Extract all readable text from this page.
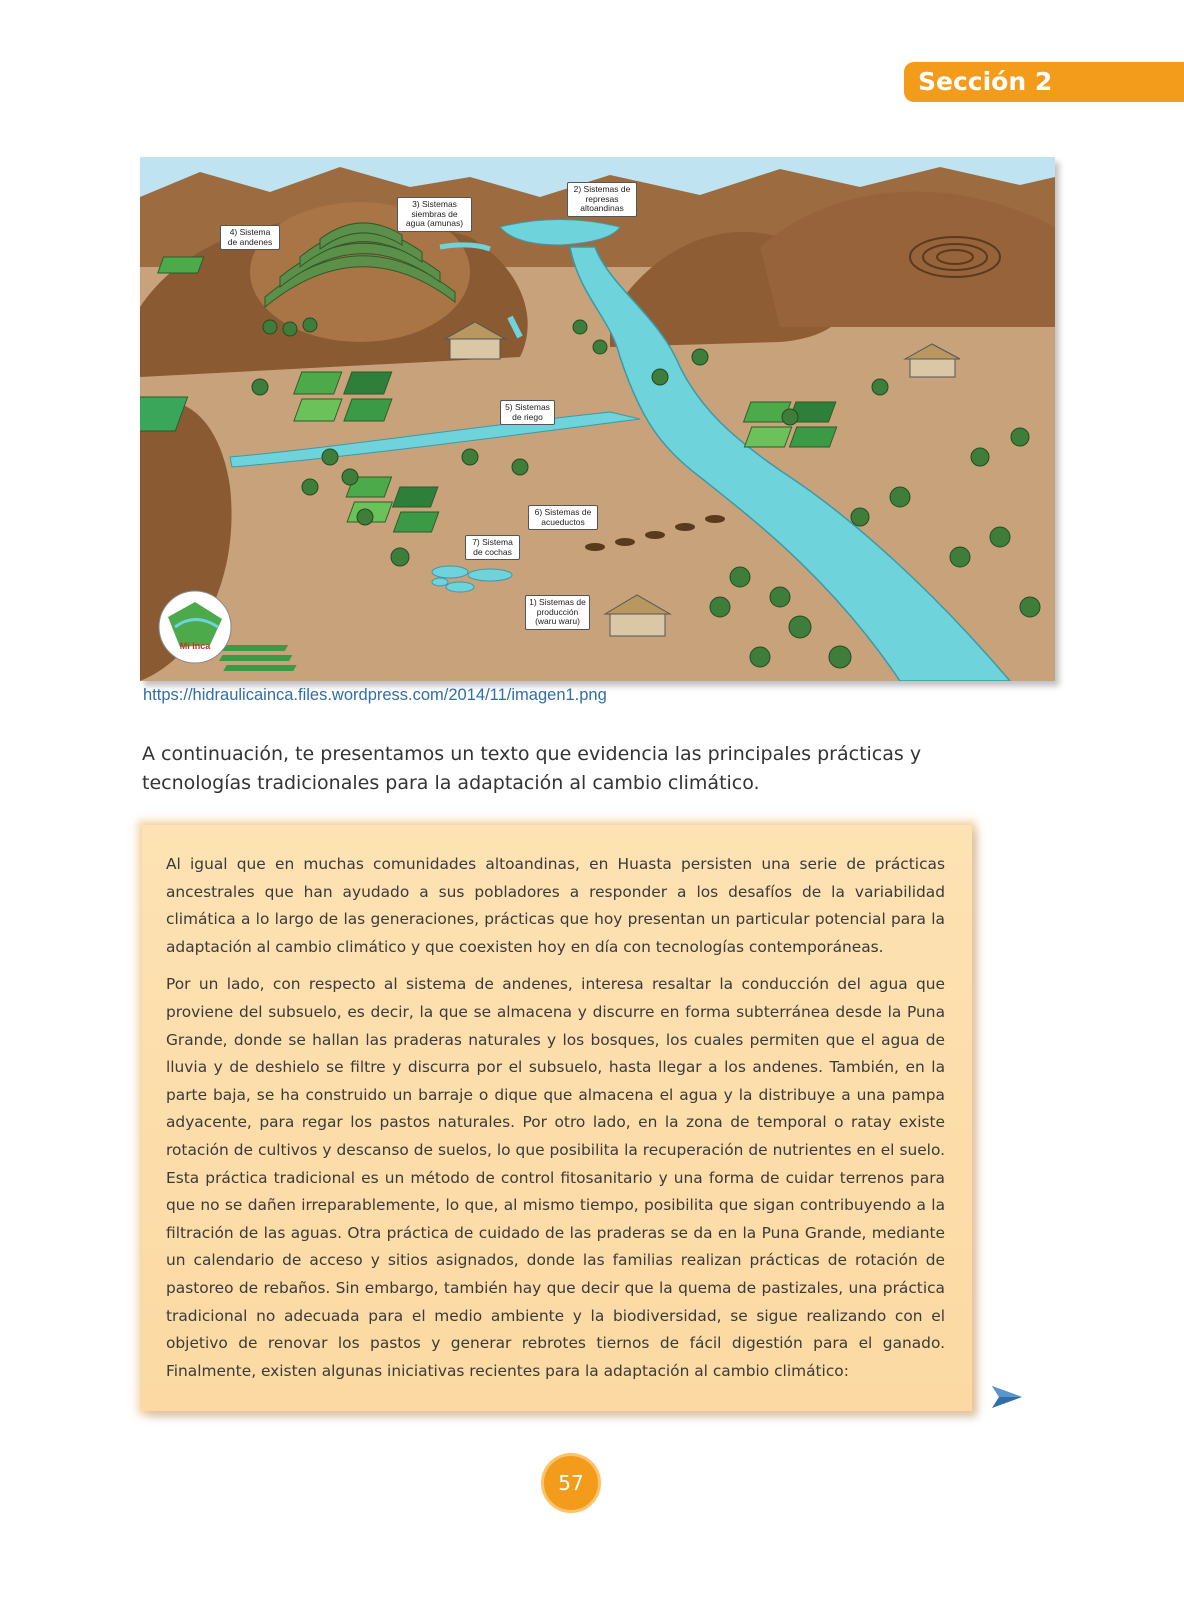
Sección 2
4) Sistema de andenes
3) Sistemas siembras de agua (amunas)
2) Sistemas de represas altoandinas
5) Sistemas de riego
6) Sistemas de acueductos
7) Sistema de cochas
1) Sistemas de producción (waru waru)
Mi Inca
https://hidraulicainca.files.wordpress.com/2014/11/imagen1.png

A continuación, te presentamos un texto que evidencia las principales prácticas y tecnologías tradicionales para la adaptación al cambio climático.

Al igual que en muchas comunidades altoandinas, en Huasta persisten una serie de prácticas ancestrales que han ayudado a sus pobladores a responder a los desafíos de la variabilidad climática a lo largo de las generaciones, prácticas que hoy presentan un particular potencial para la adaptación al cambio climático y que coexisten hoy en día con tecnologías contemporáneas.

Por un lado, con respecto al sistema de andenes, interesa resaltar la conducción del agua que proviene del subsuelo, es decir, la que se almacena y discurre en forma subterránea desde la Puna Grande, donde se hallan las praderas naturales y los bosques, los cuales permiten que el agua de lluvia y de deshielo se filtre y discurra por el subsuelo, hasta llegar a los andenes. También, en la parte baja, se ha construido un barraje o dique que almacena el agua y la distribuye a una pampa adyacente, para regar los pastos naturales. Por otro lado, en la zona de temporal o ratay existe rotación de cultivos y descanso de suelos, lo que posibilita la recuperación de nutrientes en el suelo. Esta práctica tradicional es un método de control fitosanitario y una forma de cuidar terrenos para que no se dañen irreparablemente, lo que, al mismo tiempo, posibilita que sigan contribuyendo a la filtración de las aguas. Otra práctica de cuidado de las praderas se da en la Puna Grande, mediante un calendario de acceso y sitios asignados, donde las familias realizan prácticas de rotación de pastoreo de rebaños. Sin embargo, también hay que decir que la quema de pastizales, una práctica tradicional no adecuada para el medio ambiente y la biodiversidad, se sigue realizando con el objetivo de renovar los pastos y generar rebrotes tiernos de fácil digestión para el ganado. Finalmente, existen algunas iniciativas recientes para la adaptación al cambio climático:

57
